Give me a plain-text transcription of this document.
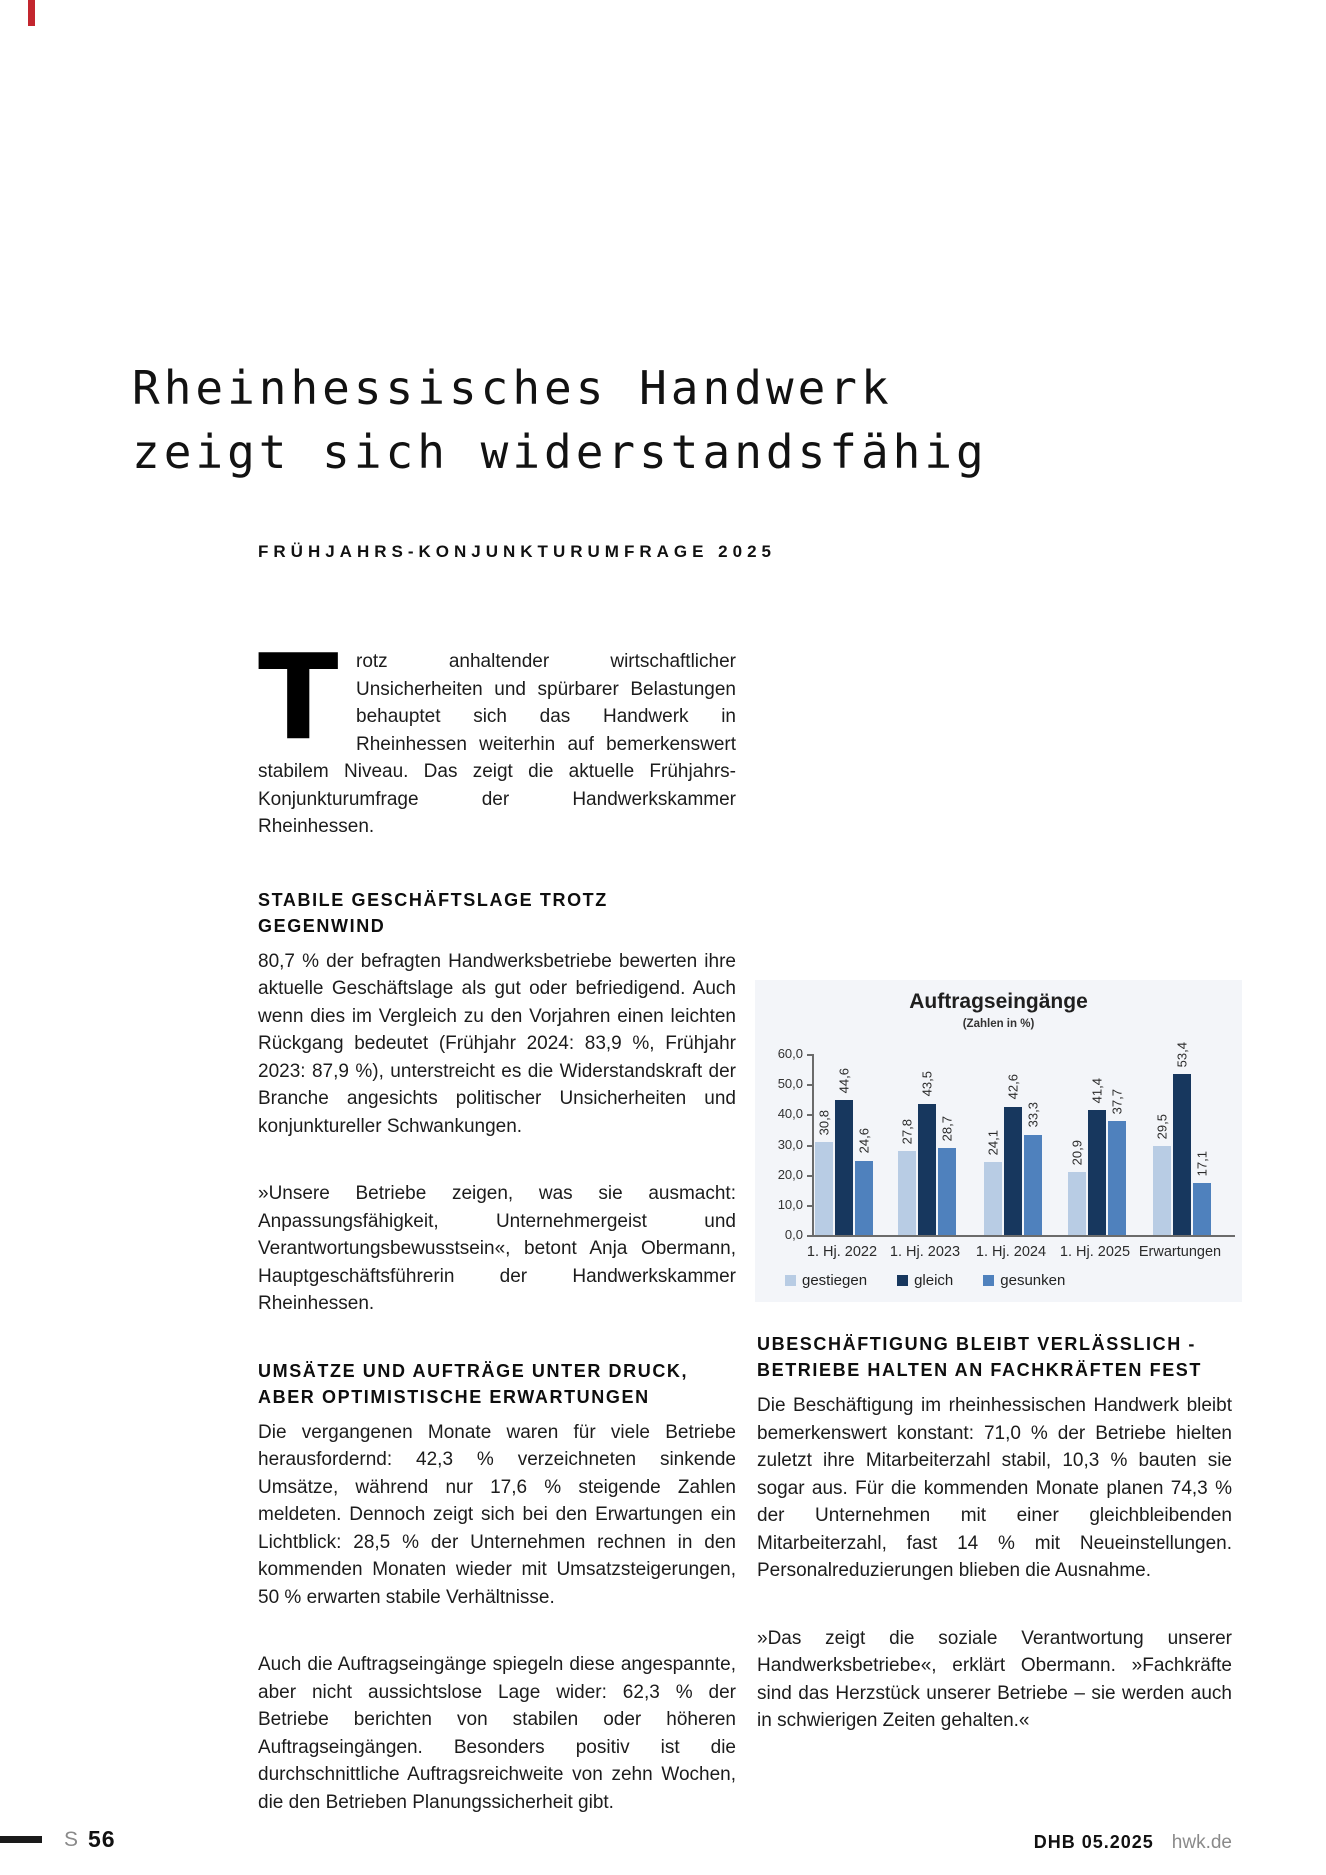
Rheinhessisches Handwerk
zeigt sich widerstandsfähig
FRÜHJAHRS-KONJUNKTURUMFRAGE 2025

Trotz anhaltender wirtschaftlicher Unsicherheiten und spürbarer Belastungen behauptet sich das Handwerk in Rheinhessen weiterhin auf bemerkenswert stabilem Niveau. Das zeigt die aktuelle Frühjahrs-Konjunkturumfrage der Handwerkskammer Rheinhessen.

STABILE GESCHÄFTSLAGE TROTZ GEGENWIND

80,7 % der befragten Handwerksbetriebe bewerten ihre aktuelle Geschäftslage als gut oder befriedigend. Auch wenn dies im Vergleich zu den Vorjahren einen leichten Rückgang bedeutet (Frühjahr 2024: 83,9 %, Frühjahr 2023: 87,9 %), unterstreicht es die Widerstandskraft der Branche angesichts politischer Unsicherheiten und konjunktureller Schwankungen.

»Unsere Betriebe zeigen, was sie ausmacht: Anpassungsfähigkeit, Unternehmergeist und Verantwortungsbewusstsein«, betont Anja Obermann, Hauptgeschäftsführerin der Handwerkskammer Rheinhessen.

UMSÄTZE UND AUFTRÄGE UNTER DRUCK,
ABER OPTIMISTISCHE ERWARTUNGEN

Die vergangenen Monate waren für viele Betriebe herausfordernd: 42,3 % verzeichneten sinkende Umsätze, während nur 17,6 % steigende Zahlen meldeten. Dennoch zeigt sich bei den Erwartungen ein Lichtblick: 28,5 % der Unternehmen rechnen in den kommenden Monaten wieder mit Umsatzsteigerungen, 50 % erwarten stabile Verhältnisse.

Auch die Auftragseingänge spiegeln diese angespannte, aber nicht aussichtslose Lage wider: 62,3 % der Betriebe berichten von stabilen oder höheren Auftragseingängen. Besonders positiv ist die durchschnittliche Auftragsreichweite von zehn Wochen, die den Betrieben Planungssicherheit gibt.

Auftragseingänge
(Zahlen in %)
60,0
50,0
40,0
30,0
20,0
10,0
0,0
30,8
44,6
24,6 27,8
43,5
28,7
24,1
42,6
33,3
20,9
41,4 37,7
29,5
53,4
17,1
1. Hj. 2022 1. Hj. 2023	1. Hj. 2024 1. Hj. 2025 Erwartungen
gestiegen	gleich	gesunken
UBESCHÄFTIGUNG BLEIBT VERLÄSSLICH -
BETRIEBE HALTEN AN FACHKRÄFTEN FEST

Die Beschäftigung im rheinhessischen Handwerk bleibt bemerkenswert konstant: 71,0 % der Betriebe hielten zuletzt ihre Mitarbeiterzahl stabil, 10,3 % bauten sie sogar aus. Für die kommenden Monate planen 74,3 % der Unternehmen mit einer gleichbleibenden Mitarbeiterzahl, fast 14 % mit Neueinstellungen. Personalreduzierungen blieben die Ausnahme.

»Das zeigt die soziale Verantwortung unserer Handwerksbetriebe«, erklärt Obermann. »Fachkräfte sind das Herzstück unserer Betriebe – sie werden auch in schwierigen Zeiten gehalten.«

S 56	DHB 05.2025 hwk.de
